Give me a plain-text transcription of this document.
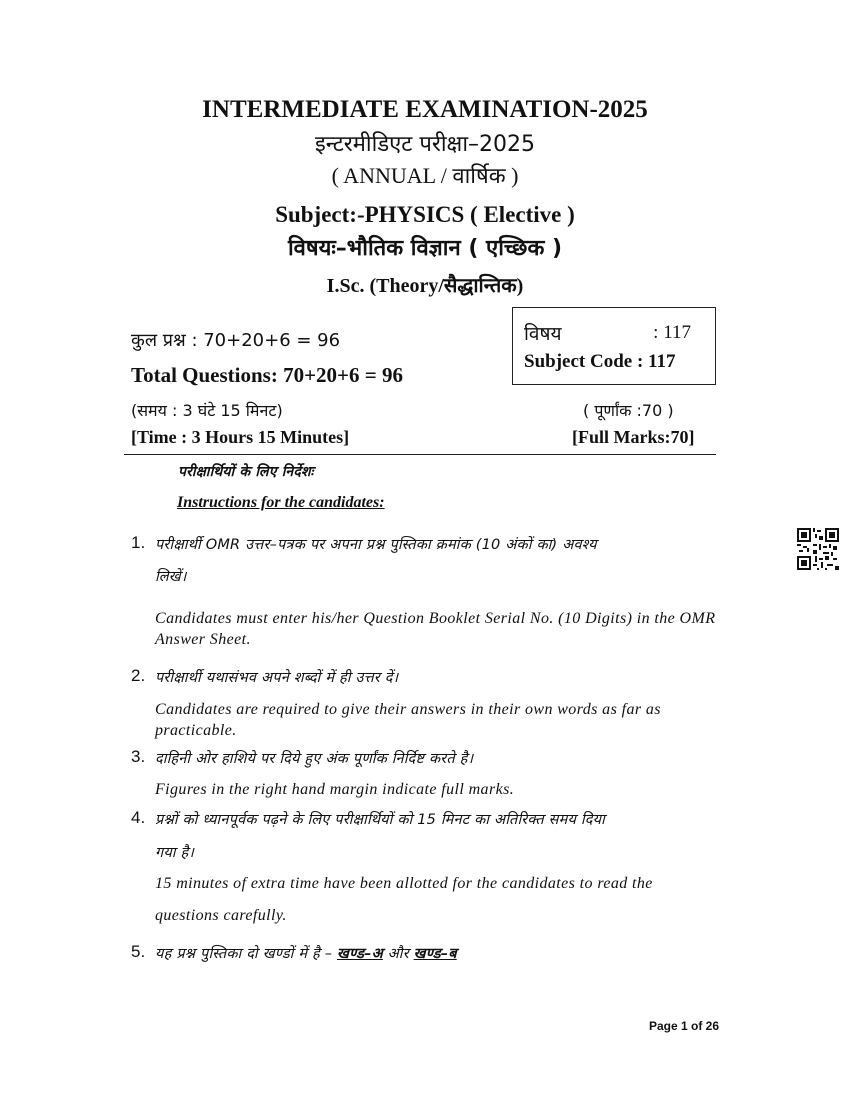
INTERMEDIATE EXAMINATION-2025
इन्टरमीडिएट परीक्षा–2025
( ANNUAL / वार्षिक )
Subject:-PHYSICS ( Elective )
विषयः–भौतिक विज्ञान ( एच्छिक )
I.Sc. (Theory/सैद्धान्तिक)
विषय	: 117
Subject Code : 117
कुल प्रश्न : 70+20+6 = 96
Total Questions: 70+20+6 = 96
(समय : 3 घंटे 15 मिनट)	( पूर्णांक :70 )
[Time : 3 Hours 15 Minutes]	[Full Marks:70]
परीक्षार्थियों के लिए निर्देशः
Instructions for the candidates:
1. परीक्षार्थी OMR उत्तर–पत्रक पर अपना प्रश्न पुस्तिका क्रमांक (10 अंकों का) अवश्य
लिखें।
Candidates must enter his/her Question Booklet Serial No. (10 Digits) in the OMR Answer Sheet.
2. परीक्षार्थी यथासंभव अपने शब्दों में ही उत्तर दें।
Candidates are required to give their answers in their own words as far as practicable.
3. दाहिनी ओर हाशिये पर दिये हुए अंक पूर्णांक निर्दिष्ट करते है।
Figures in the right hand margin indicate full marks.
4. प्रश्नों को ध्यानपूर्वक पढ़ने के लिए परीक्षार्थियों को 15 मिनट का अतिरिक्त समय दिया
गया है।
15 minutes of extra time have been allotted for the candidates to read the
questions carefully.
5. यह प्रश्न पुस्तिका दो खण्डों में है – खण्ड–अ और खण्ड–ब
Page 1 of 26
